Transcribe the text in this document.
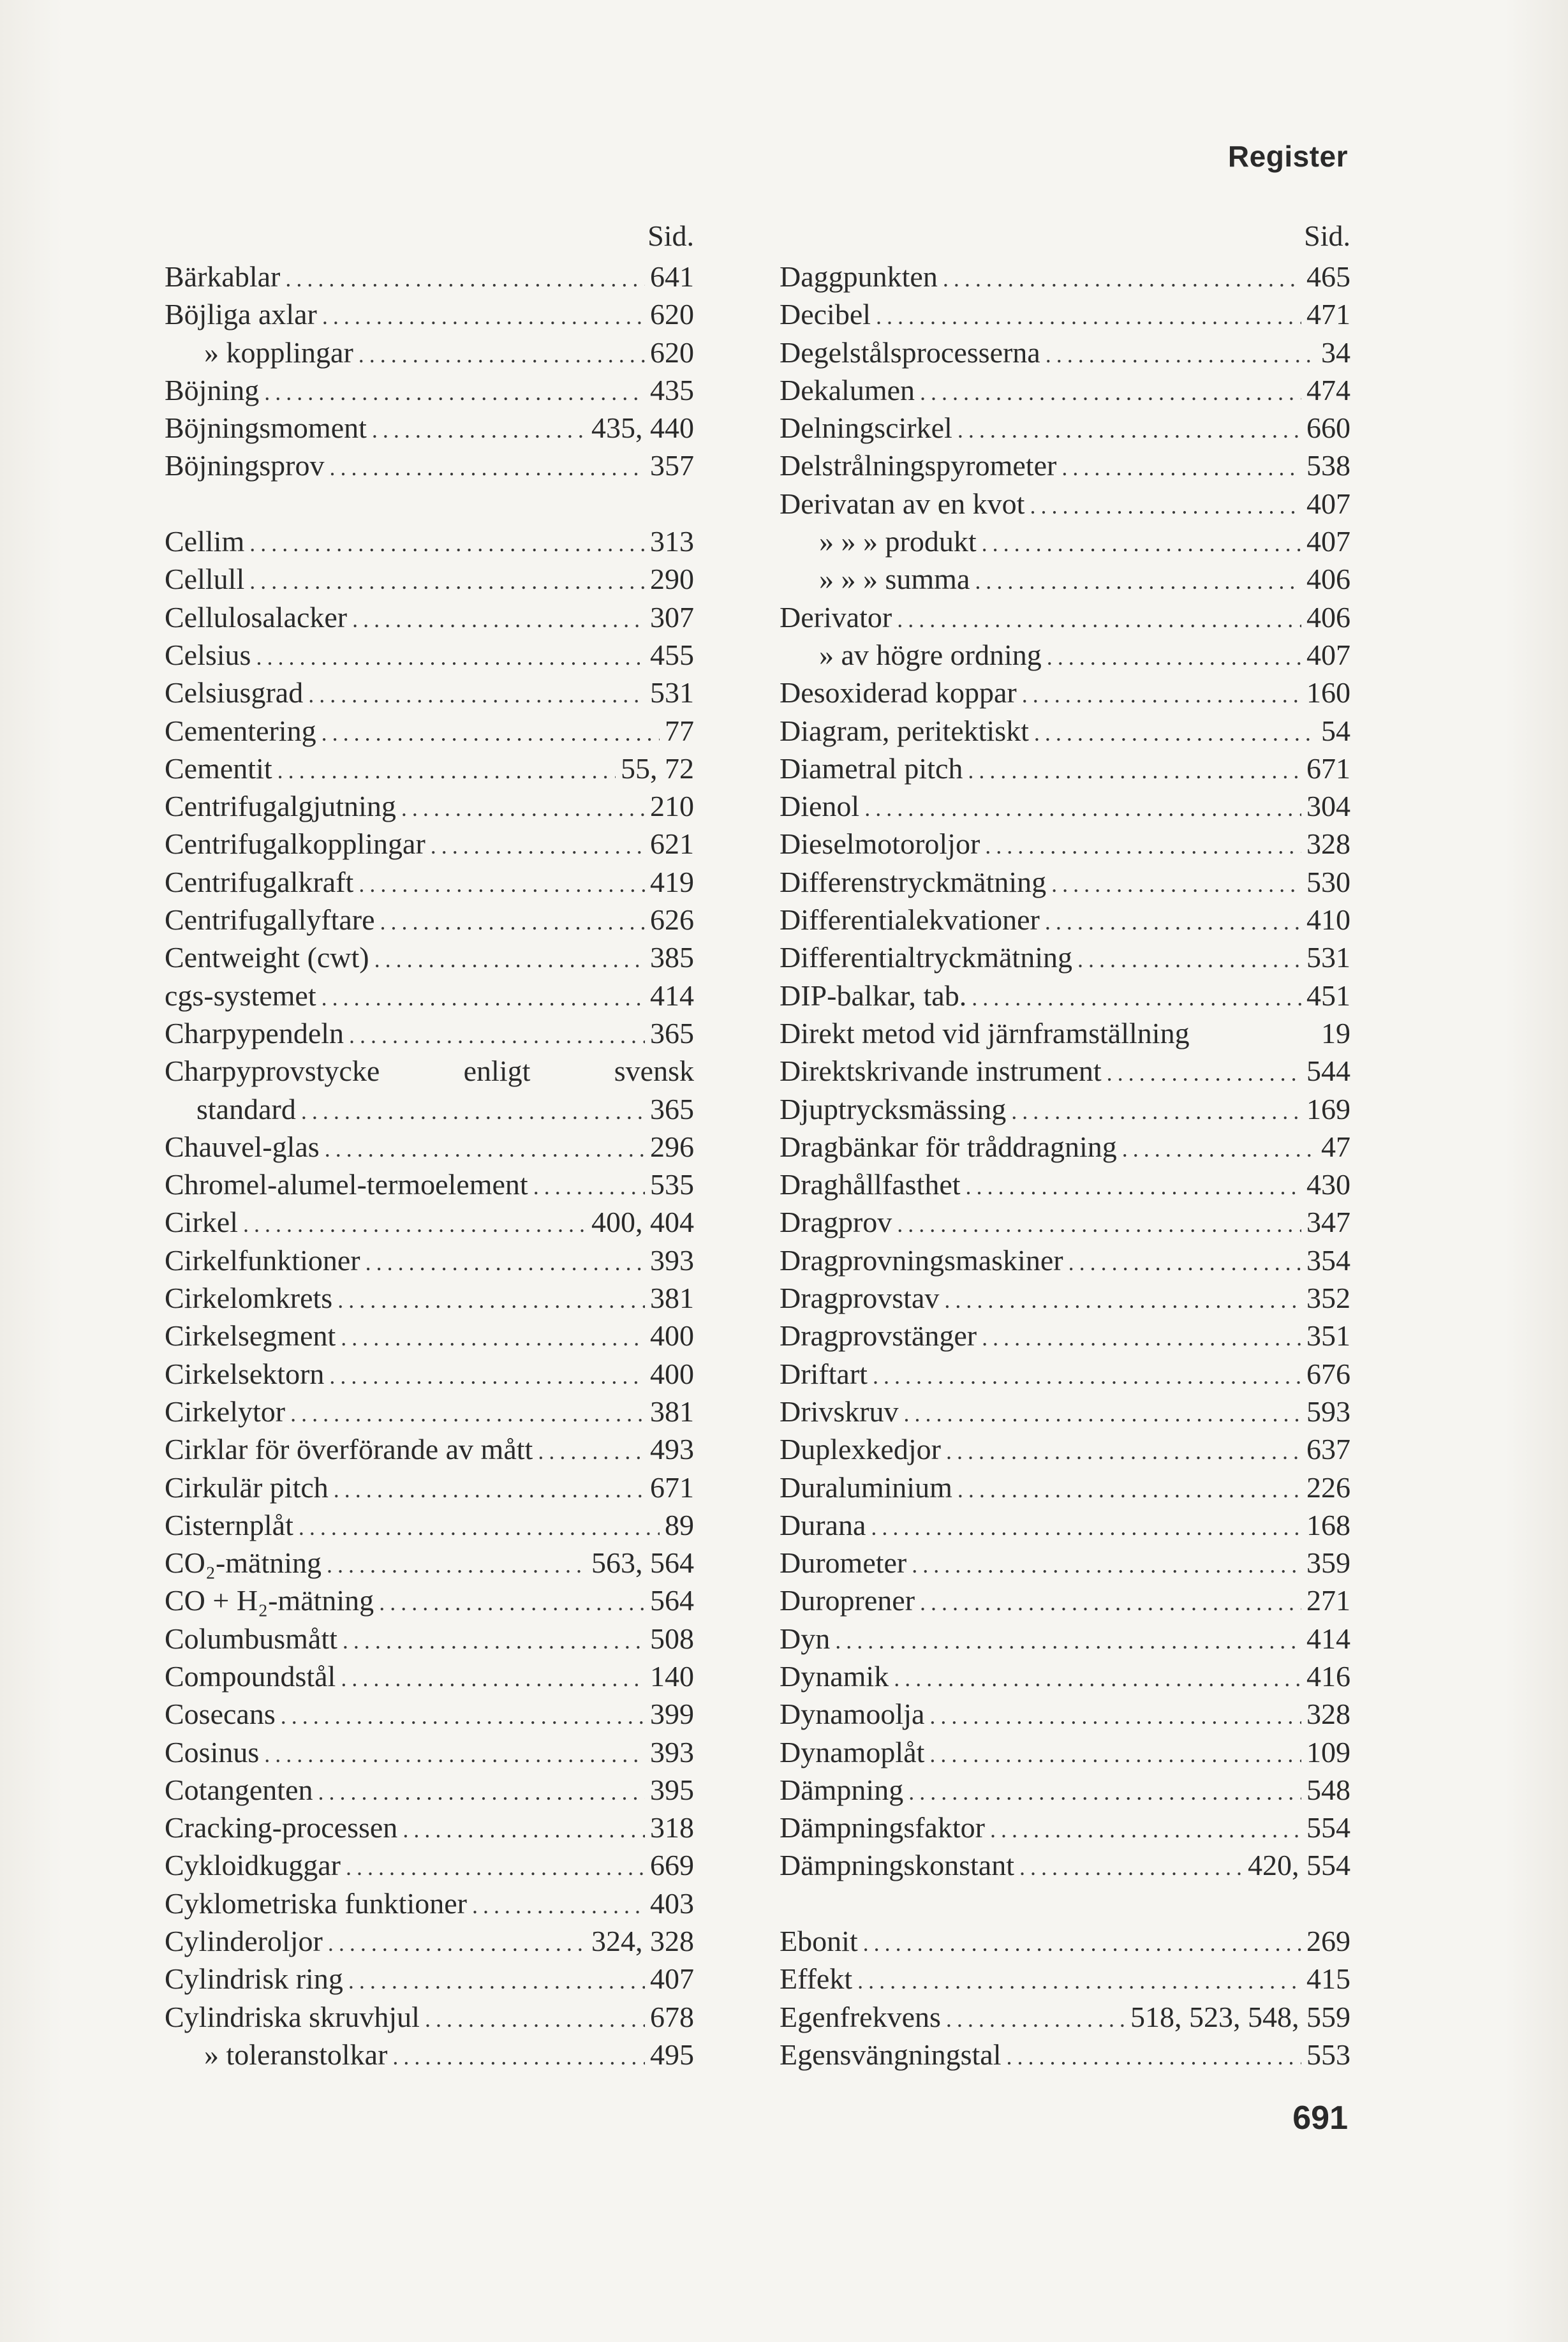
Register
Sid.
Bärkablar .....	641
Böjliga axlar .....	620
» kopplingar .....	620
Böjning .....	435
Böjningsmoment .....	435, 440
Böjningsprov .....	357
Cellim .....	313
Cellull .....	290
Cellulosalacker .....	307
Celsius .....	455
Celsiusgrad .....	531
Cementering .....	77
Cementit .....	55, 72
Centrifugalgjutning .....	210
Centrifugalkopplingar .....	621
Centrifugalkraft .....	419
Centrifugallyftare .....	626
Centweight (cwt) .....	385
cgs-systemet .....	414
Charpypendeln .....	365
Charpyprovstycke	enligt	svensk
standard .....	365
Chauvel-glas .....	296
Chromel-alumel-termoelement .....	535
Cirkel .....	400, 404
Cirkelfunktioner .....	393
Cirkelomkrets .....	381
Cirkelsegment .....	400
Cirkelsektorn .....	400
Cirkelytor .....	381
Cirklar för överförande av mått .....	493
Cirkulär pitch .....	671
Cisternplåt .....	89
CO₂-mätning .....	563, 564
CO + H₂-mätning .....	564
Columbusmått .....	508
Compoundstål .....	140
Cosecans .....	399
Cosinus .....	393
Cotangenten .....	395
Cracking-processen .....	318
Cykloidkuggar .....	669
Cyklometriska funktioner .....	403
Cylinderoljor .....	324, 328
Cylindrisk ring .....	407
Cylindriska skruvhjul .....	678
» toleranstolkar .....	495
Sid.
Daggpunkten .....	465
Decibel .....	471
Degelstålsprocesserna .....	34
Dekalumen .....	474
Delningscirkel .....	660
Delstrålningspyrometer .....	538
Derivatan av en kvot .....	407
» » » produkt .....	407
» » » summa .....	406
Derivator .....	406
» av högre ordning .....	407
Desoxiderad koppar .....	160
Diagram, peritektiskt .....	54
Diametral pitch .....	671
Dienol .....	304
Dieselmotoroljor .....	328
Differenstryckmätning .....	530
Differentialekvationer .....	410
Differentialtryckmätning .....	531
DIP-balkar, tab. .....	451
Direkt metod vid järnframställning	19
Direktskrivande instrument .....	544
Djuptrycksmässing .....	169
Dragbänkar för tråddragning .....	47
Draghållfasthet .....	430
Dragprov .....	347
Dragprovningsmaskiner .....	354
Dragprovstav .....	352
Dragprovstänger .....	351
Driftart .....	676
Drivskruv .....	593
Duplexkedjor .....	637
Duraluminium .....	226
Durana .....	168
Durometer .....	359
Duroprener .....	271
Dyn .....	414
Dynamik .....	416
Dynamoolja .....	328
Dynamoplåt .....	109
Dämpning .....	548
Dämpningsfaktor .....	554
Dämpningskonstant .....	420, 554
Ebonit .....	269
Effekt .....	415
Egenfrekvens .....	518, 523, 548, 559
Egensvängningstal .....	553
691
